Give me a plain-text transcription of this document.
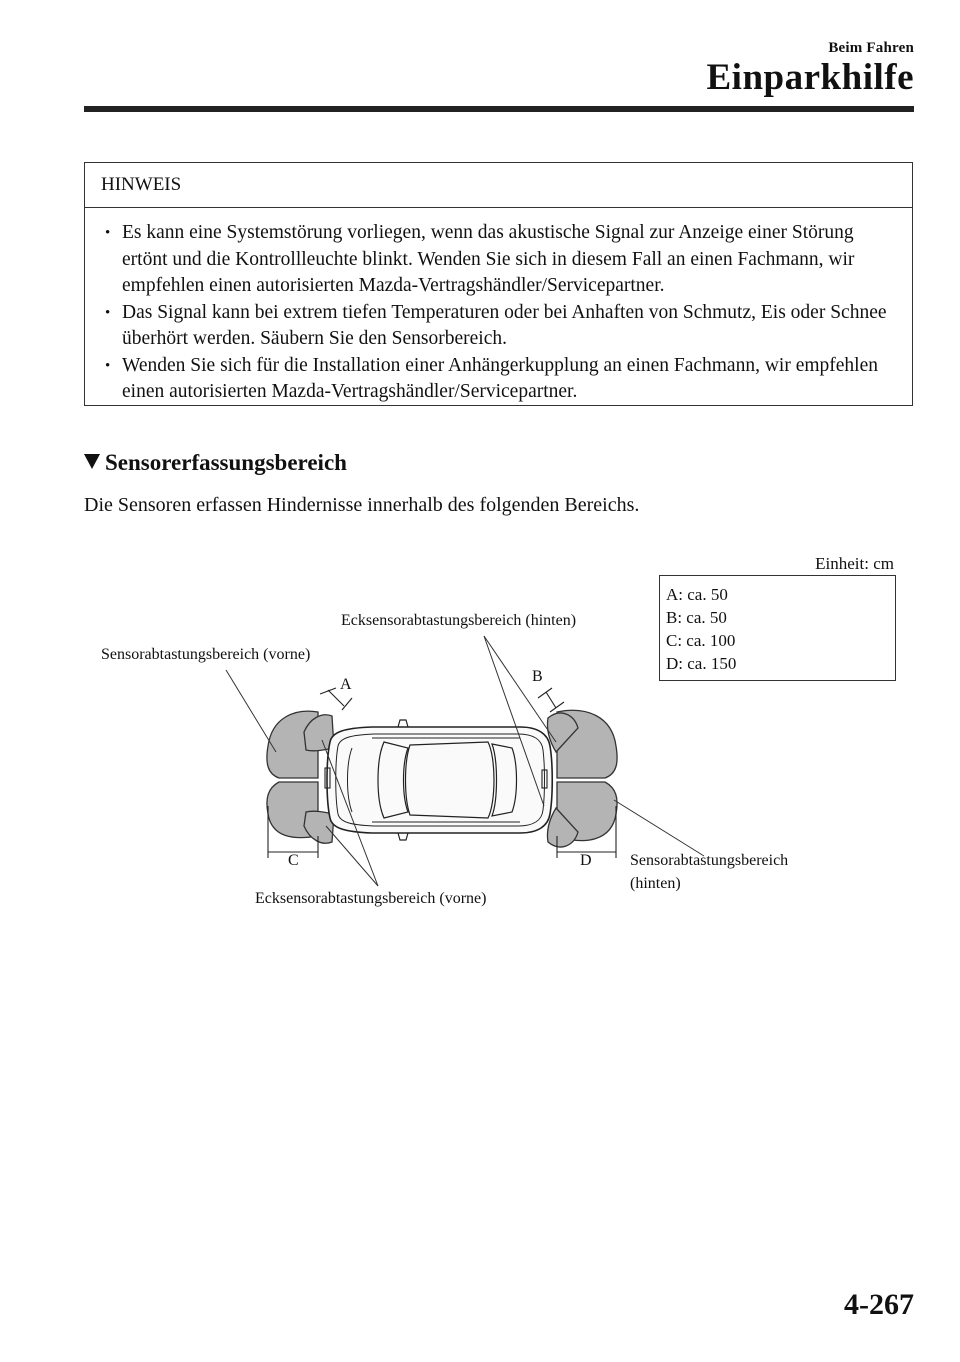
Beim Fahren
Einparkhilfe
HINWEIS
• Es kann eine Systemstörung vorliegen, wenn das akustische Signal zur Anzeige einer Störung ertönt und die Kontrollleuchte blinkt. Wenden Sie sich in diesem Fall an einen Fachmann, wir empfehlen einen autorisierten Mazda-Vertragshändler/Servicepartner.
• Das Signal kann bei extrem tiefen Temperaturen oder bei Anhaften von Schmutz, Eis oder Schnee überhört werden. Säubern Sie den Sensorbereich.
• Wenden Sie sich für die Installation einer Anhängerkupplung an einen Fachmann, wir empfehlen einen autorisierten Mazda-Vertragshändler/Servicepartner.
Sensorerfassungsbereich
Die Sensoren erfassen Hindernisse innerhalb des folgenden Bereichs.
Einheit: cm
A: ca. 50
B: ca. 50
C: ca. 100
D: ca. 150
Sensorabtastungsbereich (vorne)
Ecksensorabtastungsbereich (hinten)
Ecksensorabtastungsbereich (vorne)
Sensorabtastungsbereich
(hinten)
A	B
C	D
4-267
